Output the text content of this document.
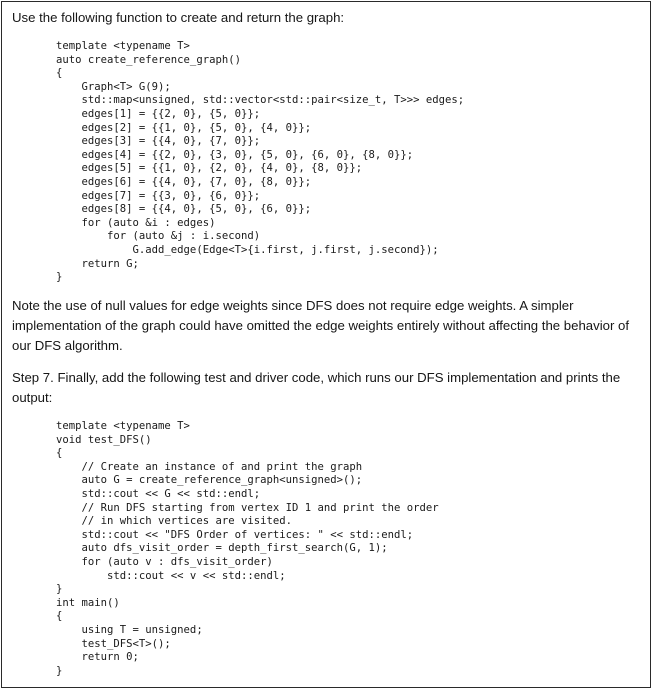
Use the following function to create and return the graph:

template <typename T>
auto create_reference_graph()
{
Graph<T> G(9);
std::map<unsigned, std::vector<std::pair<size_t, T>>> edges;
edges[1] = {{2, 0}, {5, 0}};
edges[2] = {{1, 0}, {5, 0}, {4, 0}};
edges[3] = {{4, 0}, {7, 0}};
edges[4] = {{2, 0}, {3, 0}, {5, 0}, {6, 0}, {8, 0}};
edges[5] = {{1, 0}, {2, 0}, {4, 0}, {8, 0}};
edges[6] = {{4, 0}, {7, 0}, {8, 0}};
edges[7] = {{3, 0}, {6, 0}};
edges[8] = {{4, 0}, {5, 0}, {6, 0}};
for (auto &i : edges)
for (auto &j : i.second)
G.add_edge(Edge<T>{i.first, j.first, j.second});
return G;
}

Note the use of null values for edge weights since DFS does not require edge weights. A simpler implementation of the graph could have omitted the edge weights entirely without affecting the behavior of our DFS algorithm.

Step 7. Finally, add the following test and driver code, which runs our DFS implementation and prints the output:

template <typename T>
void test_DFS()
{
// Create an instance of and print the graph
auto G = create_reference_graph<unsigned>();
std::cout << G << std::endl;
// Run DFS starting from vertex ID 1 and print the order
// in which vertices are visited.
std::cout << "DFS Order of vertices: " << std::endl;
auto dfs_visit_order = depth_first_search(G, 1);
for (auto v : dfs_visit_order)
std::cout << v << std::endl;
}
int main()
{
using T = unsigned;
test_DFS<T>();
return 0;
}
